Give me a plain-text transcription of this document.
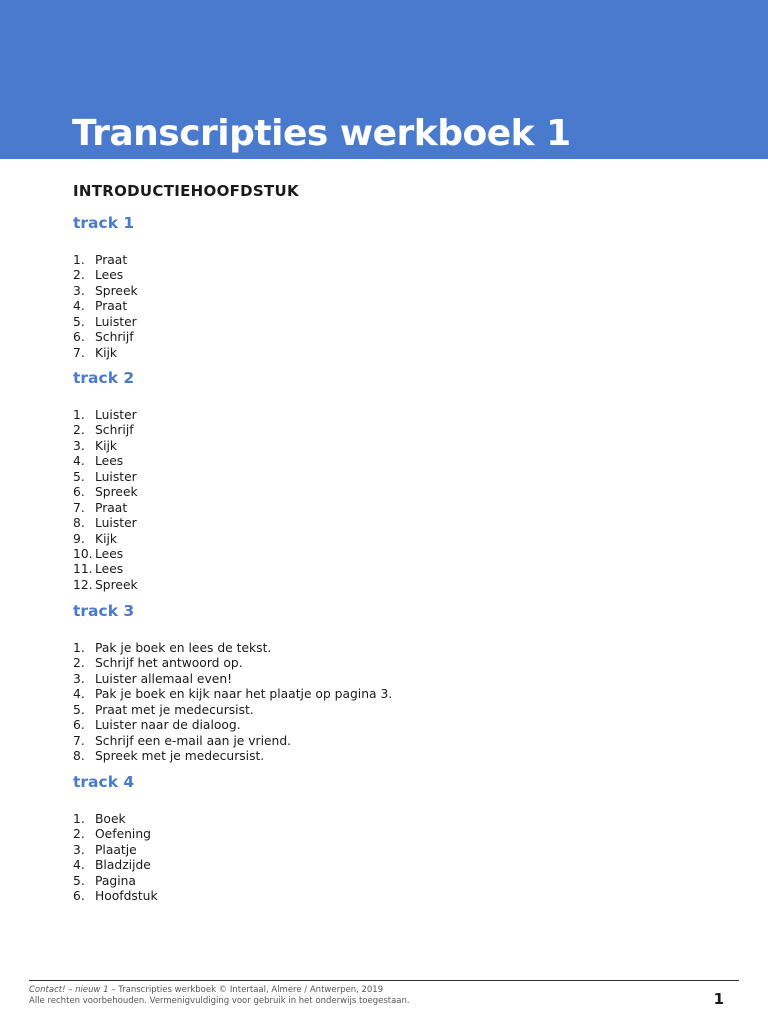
Transcripties werkboek 1
INTRODUCTIEHOOFDSTUK
track 1
1. Praat
2. Lees
3. Spreek
4. Praat
5. Luister
6. Schrijf
7. Kijk
track 2
1. Luister
2. Schrijf
3. Kijk
4. Lees
5. Luister
6. Spreek
7. Praat
8. Luister
9. Kijk
10. Lees
11. Lees
12. Spreek
track 3
1. Pak je boek en lees de tekst.
2. Schrijf het antwoord op.
3. Luister allemaal even!
4. Pak je boek en kijk naar het plaatje op pagina 3.
5. Praat met je medecursist.
6. Luister naar de dialoog.
7. Schrijf een e-mail aan je vriend.
8. Spreek met je medecursist.
track 4
1. Boek
2. Oefening
3. Plaatje
4. Bladzijde
5. Pagina
6. Hoofdstuk
Contact! – nieuw 1 – Transcripties werkboek © Intertaal, Almere / Antwerpen, 2019
Alle rechten voorbehouden. Vermenigvuldiging voor gebruik in het onderwijs toegestaan.	1
